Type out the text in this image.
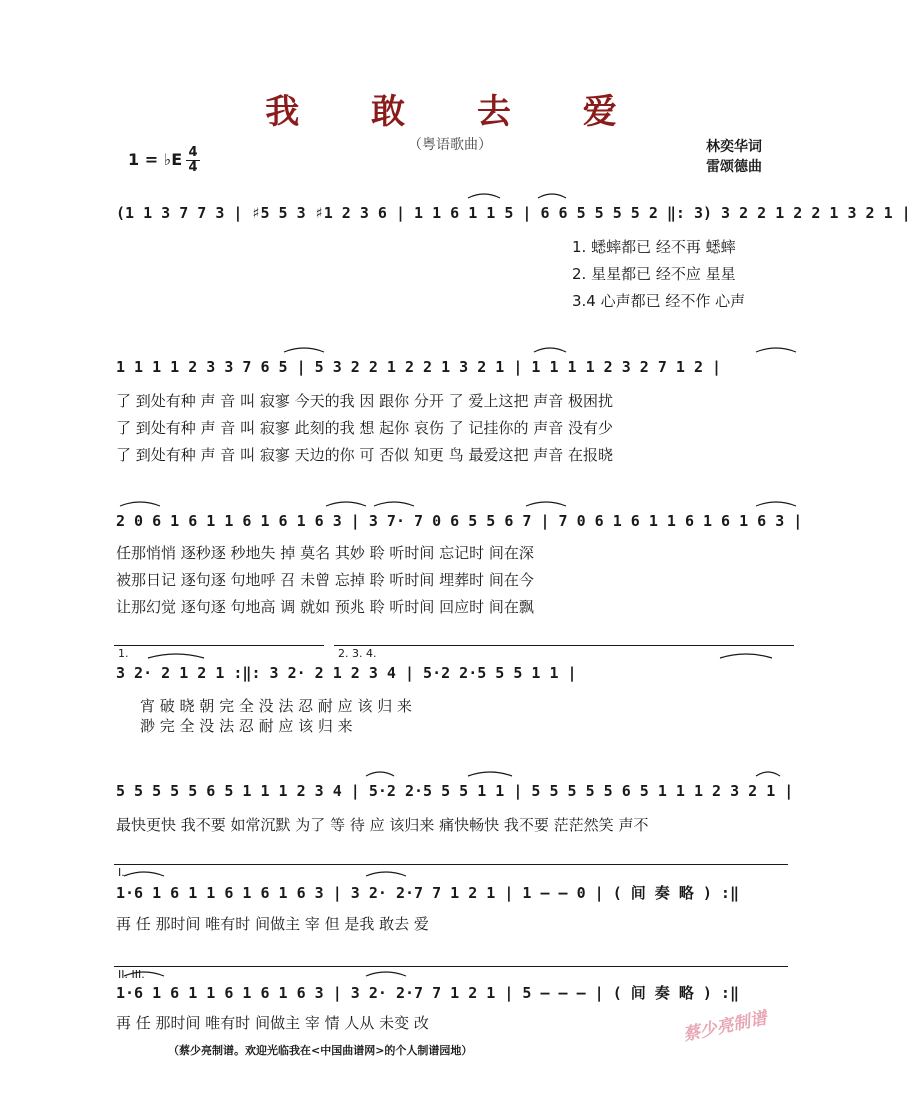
我 敢 去 爱
（粤语歌曲）	林奕华词
雷颂德曲
1 = ♭E 4
4
(1 1 3 7 7 3 | ♯5 5 3 ♯1 2 3 6 | 1 1 6 1 1 5 | 6 6 5 5 5 5 2 ‖: 3) 3 2 2 1 2 2 1 3 2 1 |
1. 蟋蟀都已 经不再 蟋蟀
2. 星星都已 经不应 星星
3.4 心声都已 经不作 心声
1 1 1 1 2 3 3 7 6 5 | 5 3 2 2 1 2 2 1 3 2 1 | 1 1 1 1 2 3 2 7 1 2 |
了 到处有种 声 音 叫 寂寥 今天的我 因 跟你 分开 了 爱上这把 声音 极困扰
了 到处有种 声 音 叫 寂寥 此刻的我 想 起你 哀伤 了 记挂你的 声音 没有少
了 到处有种 声 音 叫 寂寥 天边的你 可 否似 知更 鸟 最爱这把 声音 在报晓
2 0 6 1 6 1 1 6 1 6 1 6 3 | 3 7· 7 0 6 5 5 6 7 | 7 0 6 1 6 1 1 6 1 6 1 6 3 |
任那悄悄 逐秒逐 秒地失 掉 莫名 其妙 聆 听时间 忘记时 间在深
被那日记 逐句逐 句地呼 召 未曾 忘掉 聆 听时间 埋葬时 间在今
让那幻觉 逐句逐 句地高 调 就如 预兆 聆 听时间 回应时 间在飘
1.	2. 3. 4.
3 2· 2 1 2 1 :‖: 3 2· 2 1 2 3 4 | 5·2 2·5 5 5 1 1 |
宵 破 晓 朝 完 全 没 法 忍 耐 应 该 归 来
渺 完 全 没 法 忍 耐 应 该 归 来
5 5 5 5 5 6 5 1 1 1 2 3 4 | 5·2 2·5 5 5 1 1 | 5 5 5 5 5 6 5 1 1 1 2 3 2 1 |
最快更快 我不要 如常沉默 为了 等 待 应 该归来 痛快畅快 我不要 茫茫然笑 声不
I.
1·6 1 6 1 1 6 1 6 1 6 3 | 3 2· 2·7 7 1 2 1 | 1 — — 0 | ( 间 奏 略 ) :‖
再 任 那时间 唯有时 间做主 宰 但 是我 敢去 爱
II. III.
1·6 1 6 1 1 6 1 6 1 6 3 | 3 2· 2·7 7 1 2 1 | 5 — — — | ( 间 奏 略 ) :‖
再 任 那时间 唯有时 间做主 宰 情 人从 未变 改	蔡少亮制谱
（蔡少亮制谱。欢迎光临我在<中国曲谱网>的个人制谱园地）
